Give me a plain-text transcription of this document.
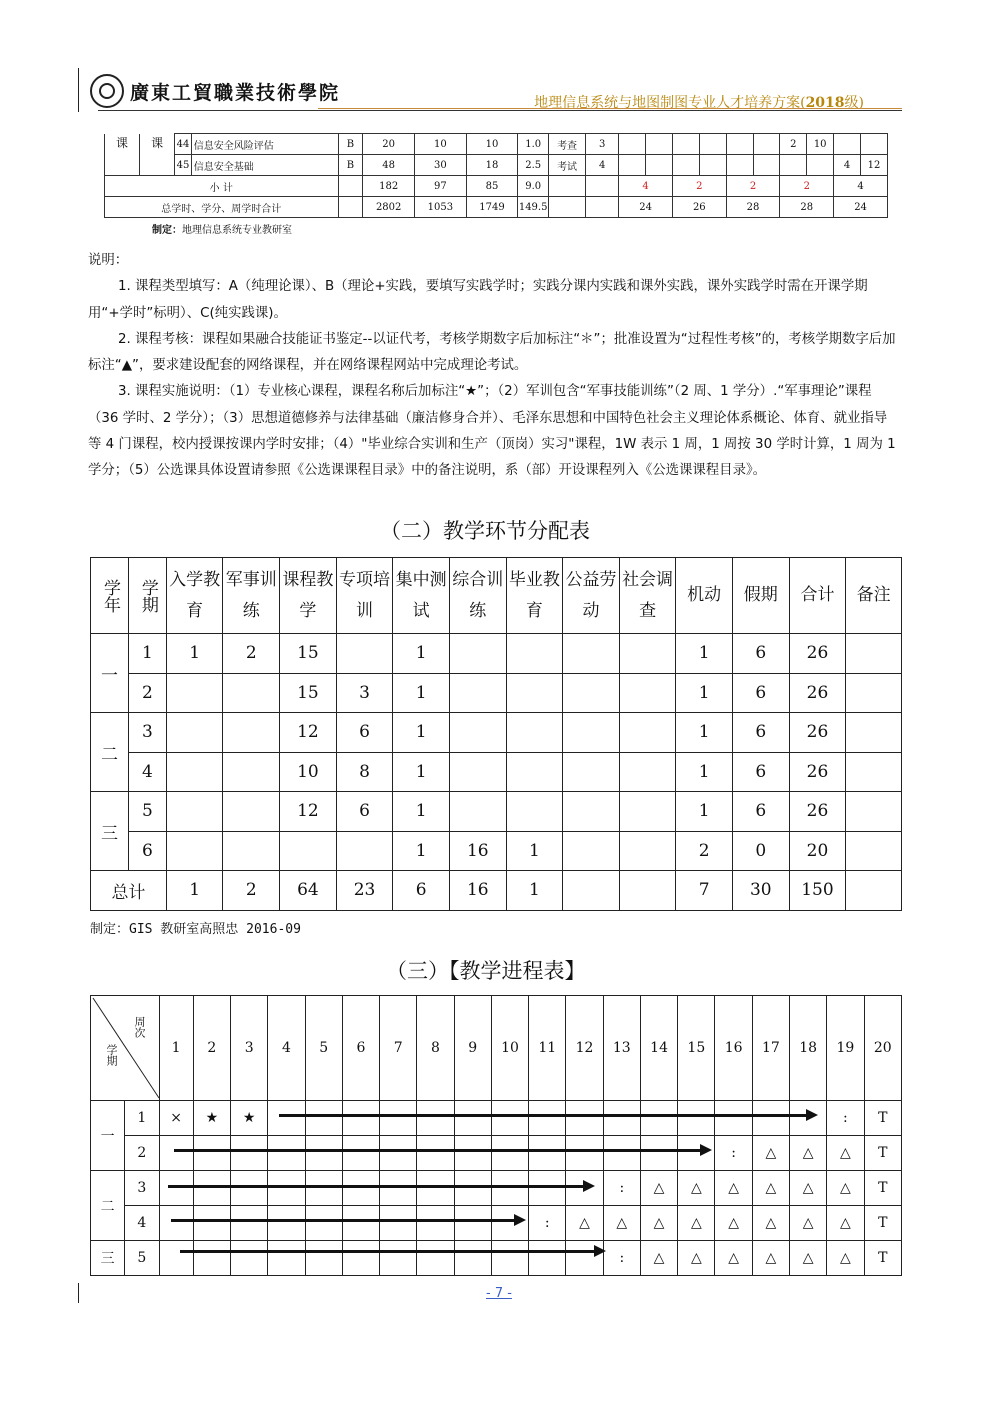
廣東工貿職業技術學院	地理信息系统与地图制图专业人才培养方案(2018级)
课	课	44	信息安全风险评估	B	20	10	10	1.0	考查	3							2	10		
		45	信息安全基础	B	48	30	18	2.5	考试	4									4	12
小 计					182	97	85	9.0			4		2		2		2		4	
总学时、学分、周学时合计					2802	1053	1749	149.5			24		26		28		28		24	
制定：地理信息系统专业教研室

说明：

1. 课程类型填写：A（纯理论课）、B（理论+实践，要填写实践学时；实践分课内实践和课外实践，课外实践学时需在开课学期用“+学时”标明）、C(纯实践课)。

2. 课程考核：课程如果融合技能证书鉴定--以证代考，考核学期数字后加标注“＊”；批准设置为“过程性考核”的，考核学期数字后加标注“▲”，要求建设配套的网络课程，并在网络课程网站中完成理论考试。

3. 课程实施说明：（1）专业核心课程，课程名称后加标注“★”；（2）军训包含“军事技能训练”（2 周、1 学分）.“军事理论”课程（36 学时、2 学分）；（3）思想道德修养与法律基础（廉洁修身合并）、毛泽东思想和中国特色社会主义理论体系概论、体育、就业指导等 4 门课程，校内授课按课内学时安排；（4）"毕业综合实训和生产（顶岗）实习"课程，1W 表示 1 周，1 周按 30 学时计算，1 周为 1 学分；（5）公选课具体设置请参照《公选课课程目录》中的备注说明，系（部）开设课程列入《公选课课程目录》。

（二）教学环节分配表
学年	学期	入学教育	军事训练	课程教学	专项培训	集中测试	综合训练	毕业教育	公益劳动	社会调查	机动	假期	合计	备注
一	1	1	2	15		1					1	6	26	
	2			15	3	1					1	6	26	
二	3			12	6	1					1	6	26	
	4			10	8	1					1	6	26	
三	5			12	6	1					1	6	26	
	6					1	16	1			2	0	20	
总计		1	2	64	23	6	16	1			7	30	150	
制定：GIS 教研室高照忠 2016-09
（三）【教学进程表】
周次
学期		1	2	3	4	5	6	7	8	9	10	11	12	13	14	15	16	17	18	19	20
一	1	×	★	★																:	T
	2																:	△	△	△	T
二	3													:	△	△	△	△	△	△	T
	4											:	△	△	△	△	△	△	△	△	T
三	5													:	△	△	△	△	△	△	T
- 7 -
